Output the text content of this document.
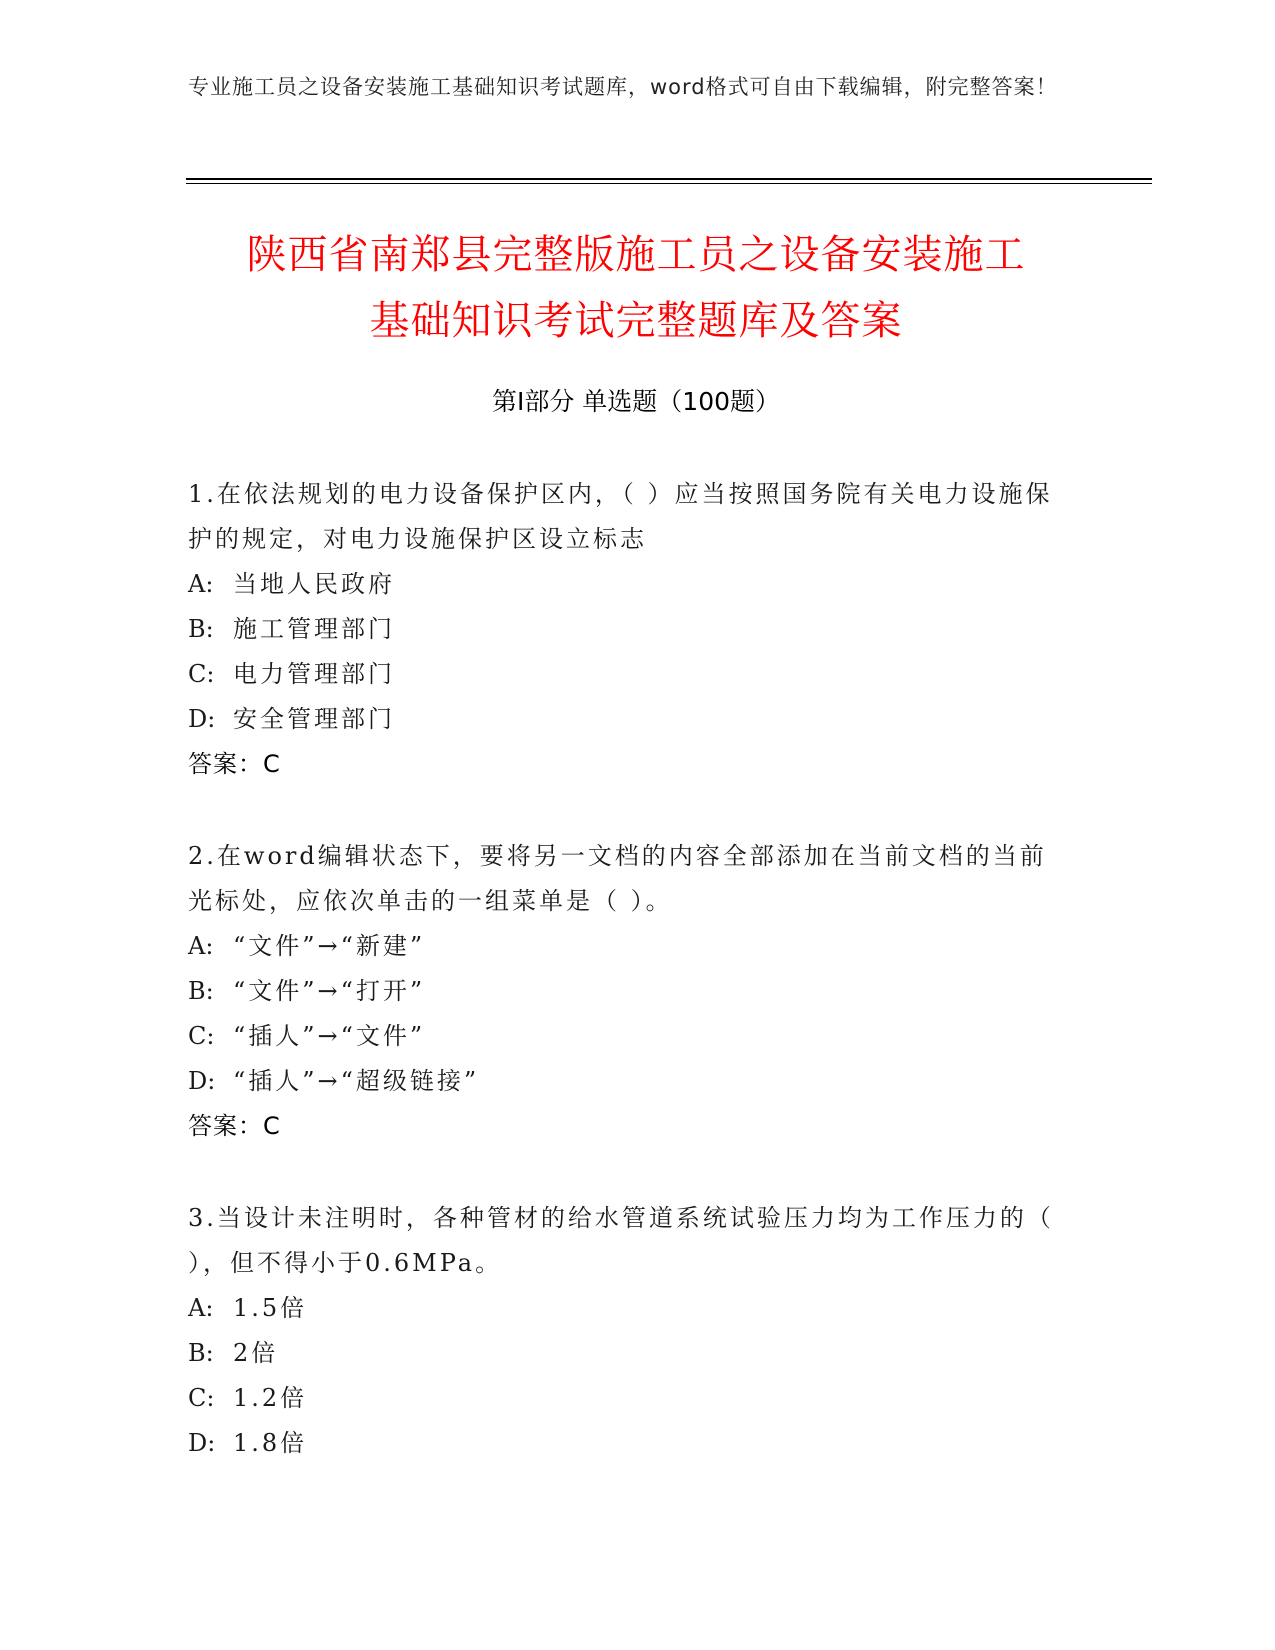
专业施工员之设备安装施工基础知识考试题库，word格式可自由下载编辑，附完整答案！
陕西省南郑县完整版施工员之设备安装施工
基础知识考试完整题库及答案
第Ⅰ部分 单选题（100题）
1.在依法规划的电力设备保护区内，（ ）应当按照国务院有关电力设施保护的规定，对电力设施保护区设立标志
A: 当地人民政府
B: 施工管理部门
C: 电力管理部门
D: 安全管理部门
答案：C
2.在word编辑状态下，要将另一文档的内容全部添加在当前文档的当前光标处，应依次单击的一组菜单是（ ）。
A: “文件”→“新建”
B: “文件”→“打开”
C: “插人”→“文件”
D: “插人”→“超级链接”
答案：C
3.当设计未注明时，各种管材的给水管道系统试验压力均为工作压力的（ ），但不得小于0.6MPa。
A: 1.5倍
B: 2倍
C: 1.2倍
D: 1.8倍
